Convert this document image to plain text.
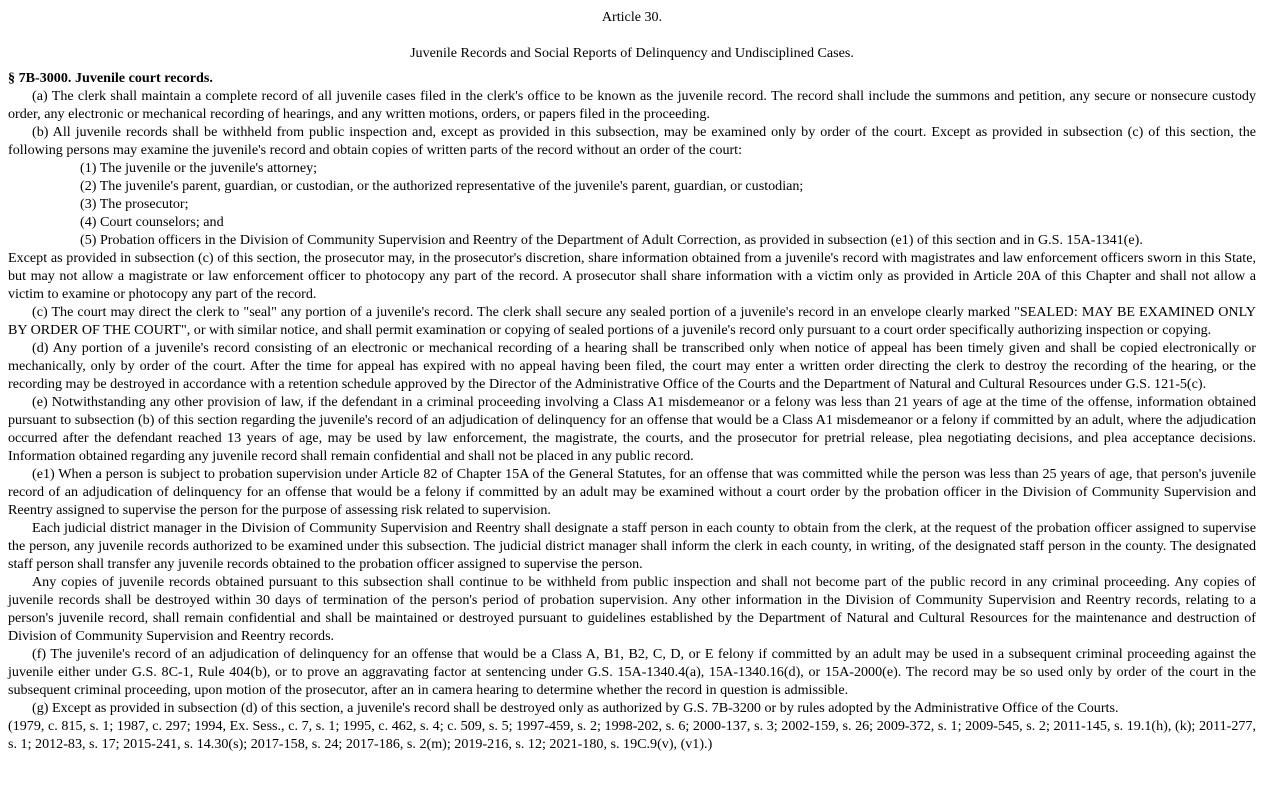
Article 30.
Juvenile Records and Social Reports of Delinquency and Undisciplined Cases.
§ 7B-3000. Juvenile court records.

(a) The clerk shall maintain a complete record of all juvenile cases filed in the clerk's office to be known as the juvenile record. The record shall include the summons and petition, any secure or nonsecure custody order, any electronic or mechanical recording of hearings, and any written motions, orders, or papers filed in the proceeding.

(b) All juvenile records shall be withheld from public inspection and, except as provided in this subsection, may be examined only by order of the court. Except as provided in subsection (c) of this section, the following persons may examine the juvenile's record and obtain copies of written parts of the record without an order of the court:

(1) The juvenile or the juvenile's attorney;
(2) The juvenile's parent, guardian, or custodian, or the authorized representative of the juvenile's parent, guardian, or custodian;
(3) The prosecutor;
(4) Court counselors; and
(5) Probation officers in the Division of Community Supervision and Reentry of the Department of Adult Correction, as provided in subsection (e1) of this section and in G.S. 15A-1341(e).

Except as provided in subsection (c) of this section, the prosecutor may, in the prosecutor's discretion, share information obtained from a juvenile's record with magistrates and law enforcement officers sworn in this State, but may not allow a magistrate or law enforcement officer to photocopy any part of the record. A prosecutor shall share information with a victim only as provided in Article 20A of this Chapter and shall not allow a victim to examine or photocopy any part of the record.

(c) The court may direct the clerk to "seal" any portion of a juvenile's record. The clerk shall secure any sealed portion of a juvenile's record in an envelope clearly marked "SEALED: MAY BE EXAMINED ONLY BY ORDER OF THE COURT", or with similar notice, and shall permit examination or copying of sealed portions of a juvenile's record only pursuant to a court order specifically authorizing inspection or copying.

(d) Any portion of a juvenile's record consisting of an electronic or mechanical recording of a hearing shall be transcribed only when notice of appeal has been timely given and shall be copied electronically or mechanically, only by order of the court. After the time for appeal has expired with no appeal having been filed, the court may enter a written order directing the clerk to destroy the recording of the hearing, or the recording may be destroyed in accordance with a retention schedule approved by the Director of the Administrative Office of the Courts and the Department of Natural and Cultural Resources under G.S. 121-5(c).

(e) Notwithstanding any other provision of law, if the defendant in a criminal proceeding involving a Class A1 misdemeanor or a felony was less than 21 years of age at the time of the offense, information obtained pursuant to subsection (b) of this section regarding the juvenile's record of an adjudication of delinquency for an offense that would be a Class A1 misdemeanor or a felony if committed by an adult, where the adjudication occurred after the defendant reached 13 years of age, may be used by law enforcement, the magistrate, the courts, and the prosecutor for pretrial release, plea negotiating decisions, and plea acceptance decisions. Information obtained regarding any juvenile record shall remain confidential and shall not be placed in any public record.

(e1) When a person is subject to probation supervision under Article 82 of Chapter 15A of the General Statutes, for an offense that was committed while the person was less than 25 years of age, that person's juvenile record of an adjudication of delinquency for an offense that would be a felony if committed by an adult may be examined without a court order by the probation officer in the Division of Community Supervision and Reentry assigned to supervise the person for the purpose of assessing risk related to supervision.

Each judicial district manager in the Division of Community Supervision and Reentry shall designate a staff person in each county to obtain from the clerk, at the request of the probation officer assigned to supervise the person, any juvenile records authorized to be examined under this subsection. The judicial district manager shall inform the clerk in each county, in writing, of the designated staff person in the county. The designated staff person shall transfer any juvenile records obtained to the probation officer assigned to supervise the person.

Any copies of juvenile records obtained pursuant to this subsection shall continue to be withheld from public inspection and shall not become part of the public record in any criminal proceeding. Any copies of juvenile records shall be destroyed within 30 days of termination of the person's period of probation supervision. Any other information in the Division of Community Supervision and Reentry records, relating to a person's juvenile record, shall remain confidential and shall be maintained or destroyed pursuant to guidelines established by the Department of Natural and Cultural Resources for the maintenance and destruction of Division of Community Supervision and Reentry records.

(f) The juvenile's record of an adjudication of delinquency for an offense that would be a Class A, B1, B2, C, D, or E felony if committed by an adult may be used in a subsequent criminal proceeding against the juvenile either under G.S. 8C-1, Rule 404(b), or to prove an aggravating factor at sentencing under G.S. 15A-1340.4(a), 15A-1340.16(d), or 15A-2000(e). The record may be so used only by order of the court in the subsequent criminal proceeding, upon motion of the prosecutor, after an in camera hearing to determine whether the record in question is admissible.

(g) Except as provided in subsection (d) of this section, a juvenile's record shall be destroyed only as authorized by G.S. 7B-3200 or by rules adopted by the Administrative Office of the Courts.

(1979, c. 815, s. 1; 1987, c. 297; 1994, Ex. Sess., c. 7, s. 1; 1995, c. 462, s. 4; c. 509, s. 5; 1997-459, s. 2; 1998-202, s. 6; 2000-137, s. 3; 2002-159, s. 26; 2009-372, s. 1; 2009-545, s. 2; 2011-145, s. 19.1(h), (k); 2011-277, s. 1; 2012-83, s. 17; 2015-241, s. 14.30(s); 2017-158, s. 24; 2017-186, s. 2(m); 2019-216, s. 12; 2021-180, s. 19C.9(v), (v1).)
